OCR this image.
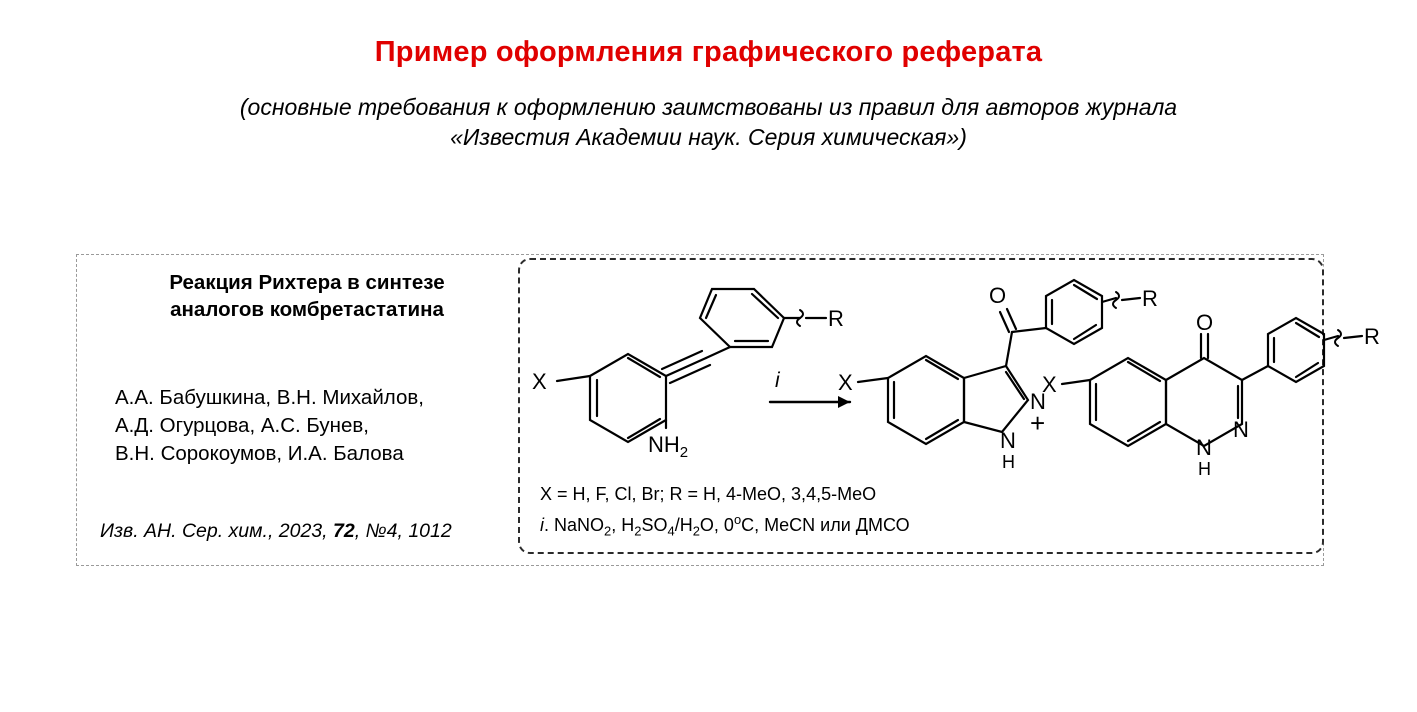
Пример оформления графического реферата
(основные требования к оформлению заимствованы из правил для авторов журнала
«Известия Академии наук. Серия химическая»)
Реакция Рихтера в синтезе
аналогов комбретастатина
А.А. Бабушкина, В.Н. Михайлов,
А.Д. Огурцова, А.С. Бунев,
В.Н. Сорокоумов, И.А. Балова
Изв. АН. Сер. хим., 2023, 72, №4, 1012
X
R
$NH_2$
X
O
N
N
H
R
X
O
N
N
H
R
i
+
X = H, F, Cl, Br; R = H, 4-MeO, 3,4,5-MeO
i. NaNO$_2$, $H_2SO_4/H_2O$, 0$^o$C, MeCN или ДМСО
